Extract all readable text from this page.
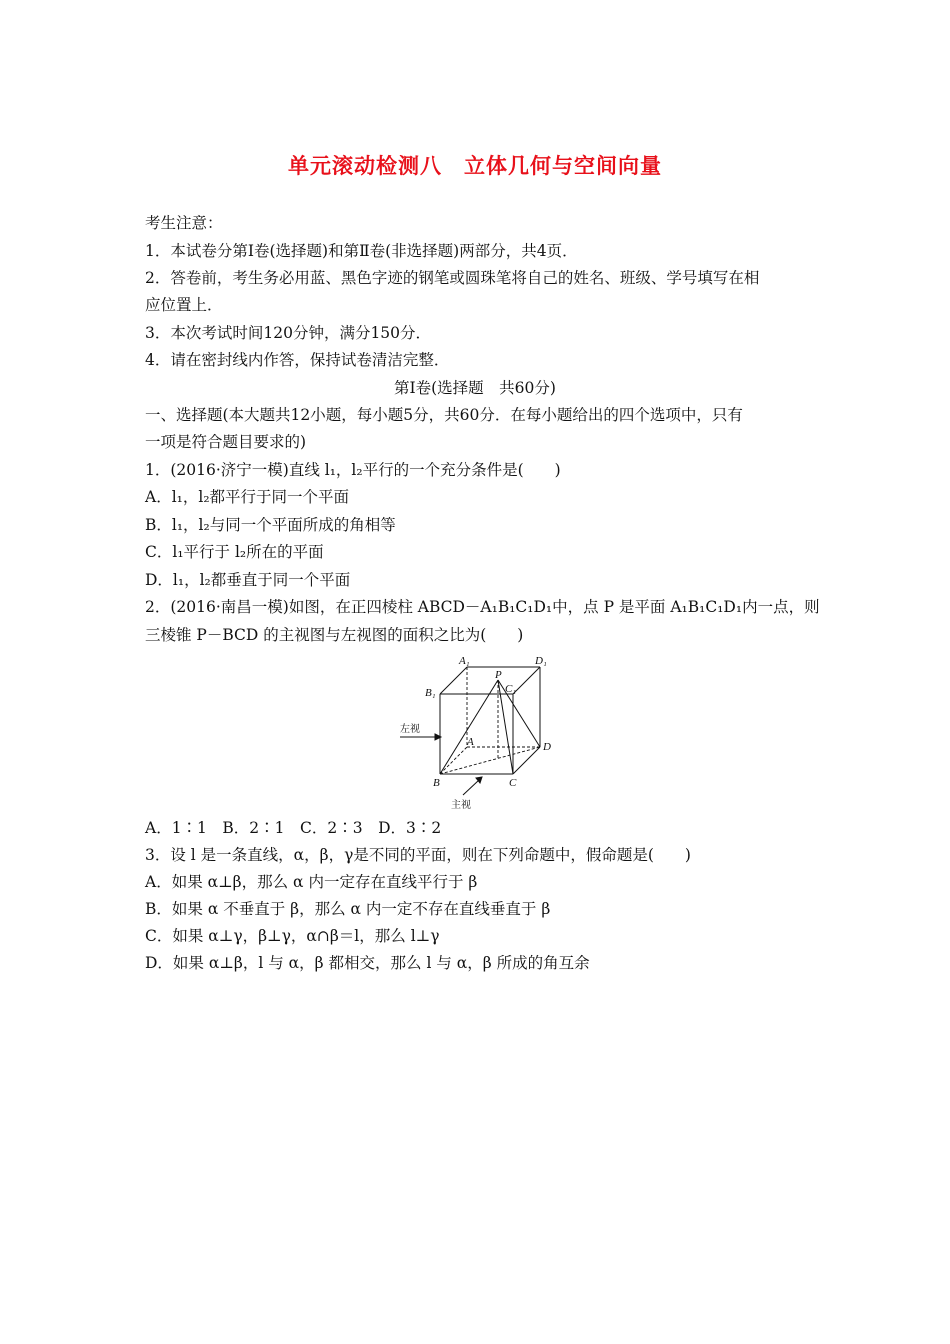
单元滚动检测八　立体几何与空间向量
考生注意：
1．本试卷分第Ⅰ卷(选择题)和第Ⅱ卷(非选择题)两部分，共4页．
2．答卷前，考生务必用蓝、黑色字迹的钢笔或圆珠笔将自己的姓名、班级、学号填写在相
应位置上．
3．本次考试时间120分钟，满分150分．
4．请在密封线内作答，保持试卷清洁完整．
第Ⅰ卷(选择题　共60分)
一、选择题(本大题共12小题，每小题5分，共60分．在每小题给出的四个选项中，只有
一项是符合题目要求的)
1．(2016·济宁一模)直线 l₁，l₂平行的一个充分条件是(　　)
A．l₁，l₂都平行于同一个平面
B．l₁，l₂与同一个平面所成的角相等
C．l₁平行于 l₂所在的平面
D．l₁，l₂都垂直于同一个平面
2．(2016·南昌一模)如图，在正四棱柱 ABCD－A₁B₁C₁D₁中，点 P 是平面 A₁B₁C₁D₁内一点，则
三棱锥 P－BCD 的主视图与左视图的面积之比为(　　)
A₁	D₁
B₁
P
C₁
A	D
B	C
左视
主视
A．1∶1　B．2∶1　C．2∶3　D．3∶2
3．设 l 是一条直线，α，β，γ是不同的平面，则在下列命题中，假命题是(　　)
A．如果 α⊥β，那么 α 内一定存在直线平行于 β
B．如果 α 不垂直于 β，那么 α 内一定不存在直线垂直于 β
C．如果 α⊥γ，β⊥γ，α∩β＝l，那么 l⊥γ
D．如果 α⊥β，l 与 α，β 都相交，那么 l 与 α，β 所成的角互余
